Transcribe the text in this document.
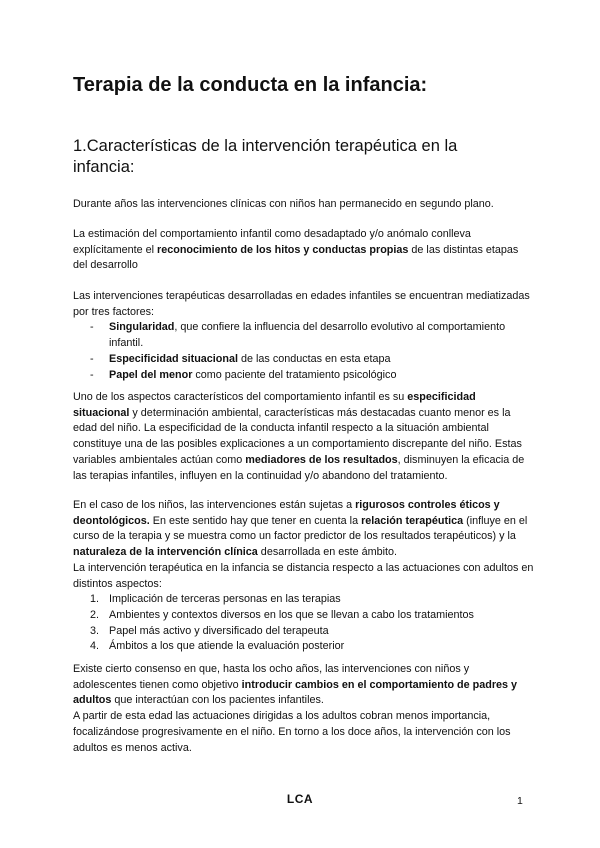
Terapia de la conducta en la infancia:
1.Características de la intervención terapéutica en la infancia:

Durante años las intervenciones clínicas con niños han permanecido en segundo plano.

La estimación del comportamiento infantil como desadaptado y/o anómalo conlleva explícitamente el reconocimiento de los hitos y conductas propias de las distintas etapas del desarrollo

Las intervenciones terapéuticas desarrolladas en edades infantiles se encuentran mediatizadas por tres factores:
- Singularidad, que confiere la influencia del desarrollo evolutivo al comportamiento infantil.
- Especificidad situacional de las conductas en esta etapa
- Papel del menor como paciente del tratamiento psicológico

Uno de los aspectos característicos del comportamiento infantil es su especificidad situacional y determinación ambiental, características más destacadas cuanto menor es la edad del niño. La especificidad de la conducta infantil respecto a la situación ambiental constituye una de las posibles explicaciones a un comportamiento discrepante del niño. Estas variables ambientales actúan como mediadores de los resultados, disminuyen la eficacia de las terapias infantiles, influyen en la continuidad y/o abandono del tratamiento.

En el caso de los niños, las intervenciones están sujetas a rigurosos controles éticos y deontológicos. En este sentido hay que tener en cuenta la relación terapéutica (influye en el curso de la terapia y se muestra como un factor predictor de los resultados terapéuticos) y la naturaleza de la intervención clínica desarrollada en este ámbito.
La intervención terapéutica en la infancia se distancia respecto a las actuaciones con adultos en distintos aspectos:
1. Implicación de terceras personas en las terapias
2. Ambientes y contextos diversos en los que se llevan a cabo los tratamientos
3. Papel más activo y diversificado del terapeuta
4. Ámbitos a los que atiende la evaluación posterior
Existe cierto consenso en que, hasta los ocho años, las intervenciones con niños y adolescentes tienen como objetivo introducir cambios en el comportamiento de padres y adultos que interactúan con los pacientes infantiles.
A partir de esta edad las actuaciones dirigidas a los adultos cobran menos importancia, focalizándose progresivamente en el niño. En torno a los doce años, la intervención con los adultos es menos activa.
LCA	1
